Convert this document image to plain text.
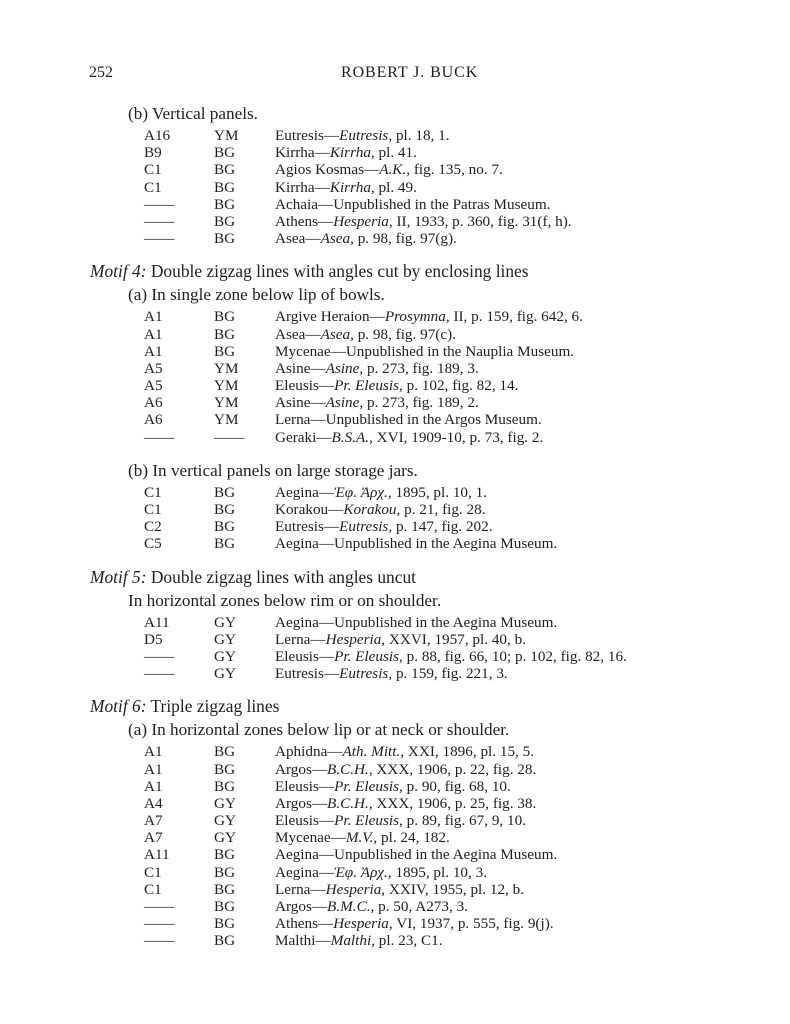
252	ROBERT J. BUCK
(b) Vertical panels.
A16	YM	Eutresis—Eutresis, pl. 18, 1.
B9	BG	Kirrha—Kirrha, pl. 41.
C1	BG	Agios Kosmas—A.K., fig. 135, no. 7.
C1	BG	Kirrha—Kirrha, pl. 49.
——	BG	Achaia—Unpublished in the Patras Museum.
——	BG	Athens—Hesperia, II, 1933, p. 360, fig. 31(f, h).
——	BG	Asea—Asea, p. 98, fig. 97(g).
Motif 4: Double zigzag lines with angles cut by enclosing lines
(a) In single zone below lip of bowls.
A1	BG	Argive Heraion—Prosymna, II, p. 159, fig. 642, 6.
A1	BG	Asea—Asea, p. 98, fig. 97(c).
A1	BG	Mycenae—Unpublished in the Nauplia Museum.
A5	YM	Asine—Asine, p. 273, fig. 189, 3.
A5	YM	Eleusis—Pr. Eleusis, p. 102, fig. 82, 14.
A6	YM	Asine—Asine, p. 273, fig. 189, 2.
A6	YM	Lerna—Unpublished in the Argos Museum.
——	——	Geraki—B.S.A., XVI, 1909-10, p. 73, fig. 2.
(b) In vertical panels on large storage jars.
C1	BG	Aegina—Ἐφ. Ἀρχ., 1895, pl. 10, 1.
C1	BG	Korakou—Korakou, p. 21, fig. 28.
C2	BG	Eutresis—Eutresis, p. 147, fig. 202.
C5	BG	Aegina—Unpublished in the Aegina Museum.
Motif 5: Double zigzag lines with angles uncut
In horizontal zones below rim or on shoulder.
A11	GY	Aegina—Unpublished in the Aegina Museum.
D5	GY	Lerna—Hesperia, XXVI, 1957, pl. 40, b.
——	GY	Eleusis—Pr. Eleusis, p. 88, fig. 66, 10; p. 102, fig. 82, 16.
——	GY	Eutresis—Eutresis, p. 159, fig. 221, 3.
Motif 6: Triple zigzag lines
(a) In horizontal zones below lip or at neck or shoulder.
A1	BG	Aphidna—Ath. Mitt., XXI, 1896, pl. 15, 5.
A1	BG	Argos—B.C.H., XXX, 1906, p. 22, fig. 28.
A1	BG	Eleusis—Pr. Eleusis, p. 90, fig. 68, 10.
A4	GY	Argos—B.C.H., XXX, 1906, p. 25, fig. 38.
A7	GY	Eleusis—Pr. Eleusis, p. 89, fig. 67, 9, 10.
A7	GY	Mycenae—M.V., pl. 24, 182.
A11	BG	Aegina—Unpublished in the Aegina Museum.
C1	BG	Aegina—Ἐφ. Ἀρχ., 1895, pl. 10, 3.
C1	BG	Lerna—Hesperia, XXIV, 1955, pl. 12, b.
——	BG	Argos—B.M.C., p. 50, A273, 3.
——	BG	Athens—Hesperia, VI, 1937, p. 555, fig. 9(j).
——	BG	Malthi—Malthi, pl. 23, C1.
